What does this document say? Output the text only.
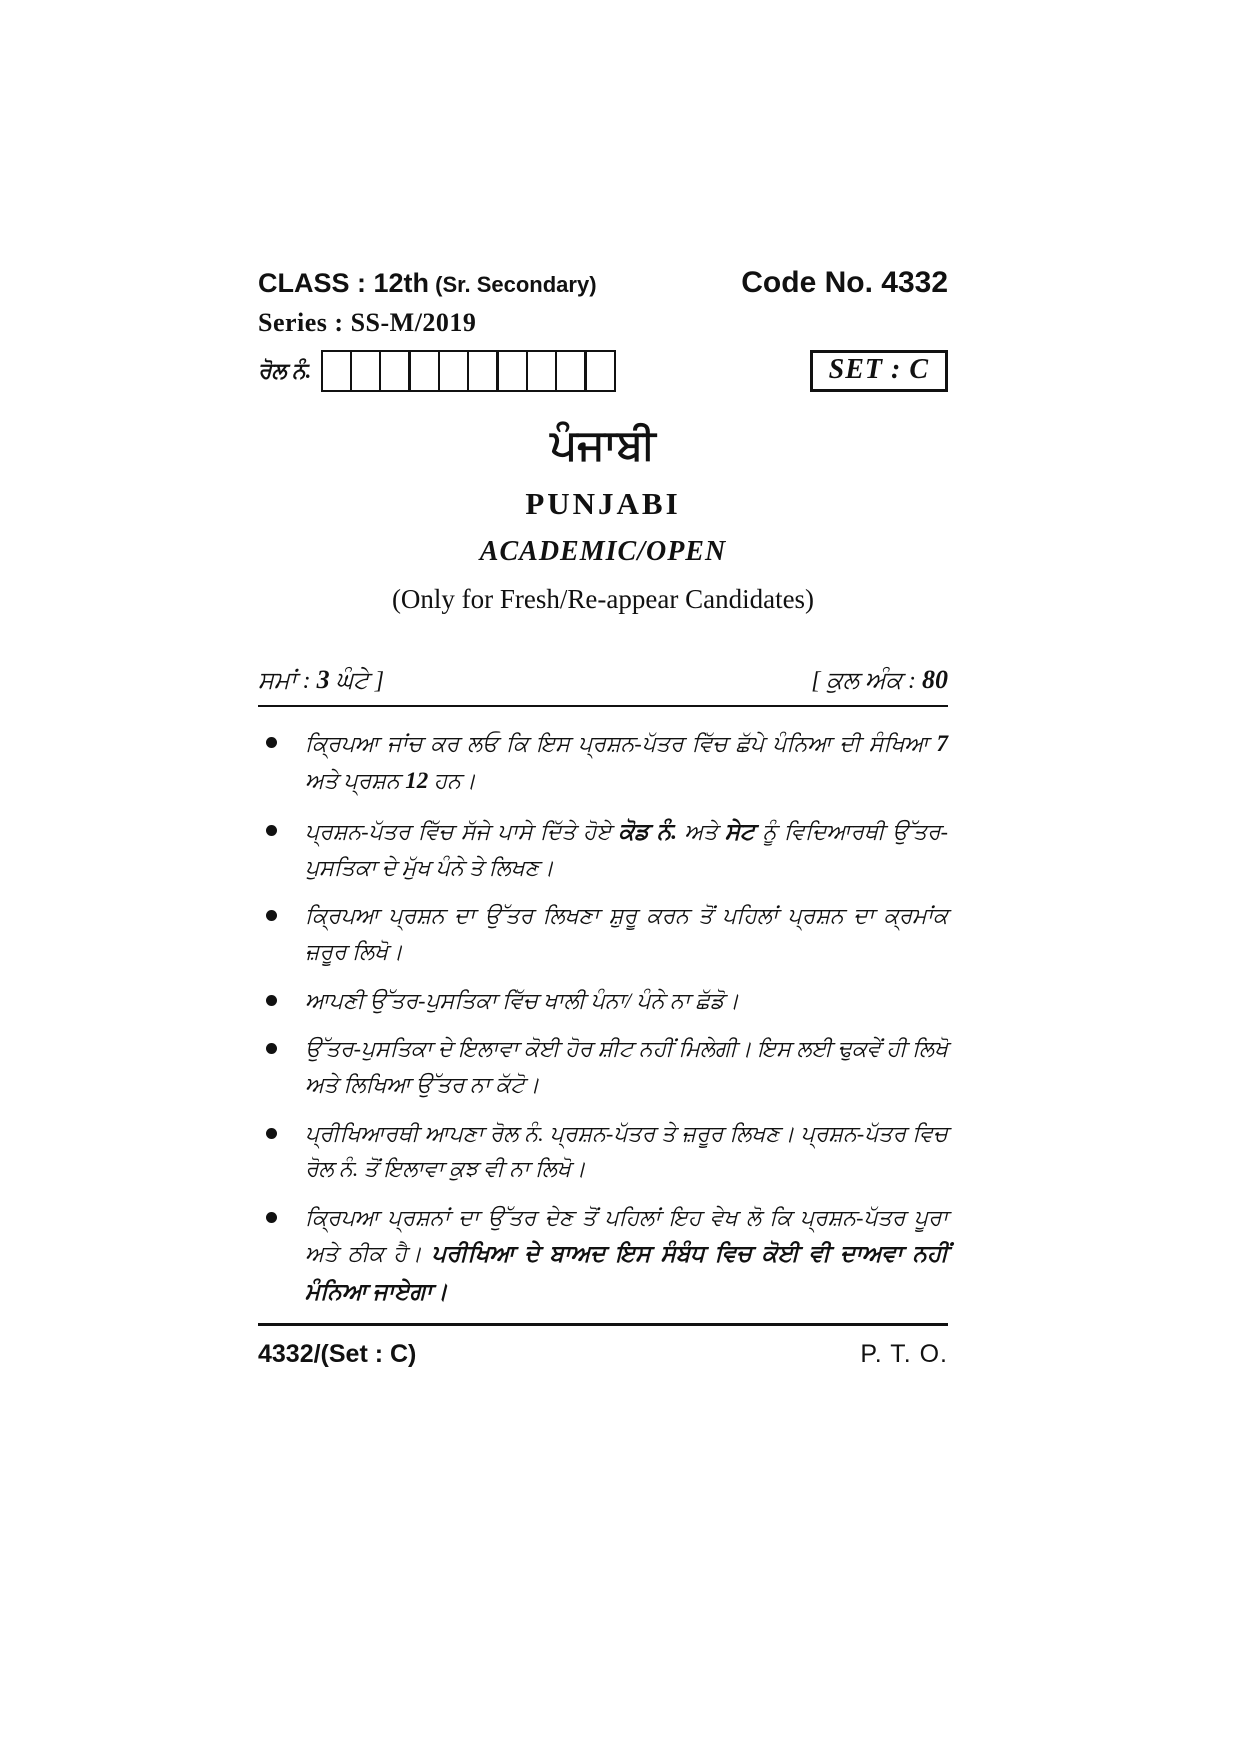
CLASS : 12th (Sr. Secondary)	Code No. 4332
Series : SS-M/2019
ਰੋਲ ਨੰ.	SET : C
ਪੰਜਾਬੀ
PUNJABI
ACADEMIC/OPEN
(Only for Fresh/Re-appear Candidates)
ਸਮਾਂ : 3 ਘੰਟੇ ]	[ ਕੁਲ ਅੰਕ : 80
ਕ੍ਰਿਪਆ ਜਾਂਚ ਕਰ ਲਓ ਕਿ ਇਸ ਪ੍ਰਸ਼ਨ-ਪੱਤਰ ਵਿੱਚ ਛੱਪੇ ਪੰਨਿਆ ਦੀ ਸੰਖਿਆ 7 ਅਤੇ ਪ੍ਰਸ਼ਨ 12 ਹਨ।
ਪ੍ਰਸ਼ਨ-ਪੱਤਰ ਵਿੱਚ ਸੱਜੇ ਪਾਸੇ ਦਿੱਤੇ ਹੋਏ ਕੋਡ ਨੰ. ਅਤੇ ਸੇਟ ਨੂੰ ਵਿਦਿਆਰਥੀ ਉੱਤਰ-ਪੁਸਤਿਕਾ ਦੇ ਮੁੱਖ ਪੰਨੇ ਤੇ ਲਿਖਣ।
ਕ੍ਰਿਪਆ ਪ੍ਰਸ਼ਨ ਦਾ ਉੱਤਰ ਲਿਖਣਾ ਸ਼ੁਰੂ ਕਰਨ ਤੋਂ ਪਹਿਲਾਂ ਪ੍ਰਸ਼ਨ ਦਾ ਕ੍ਰਮਾਂਕ ਜ਼ਰੂਰ ਲਿਖੋ।
ਆਪਣੀ ਉੱਤਰ-ਪੁਸਤਿਕਾ ਵਿੱਚ ਖਾਲੀ ਪੰਨਾ/ ਪੰਨੇ ਨਾ ਛੱਡੋ।
ਉੱਤਰ-ਪੁਸਤਿਕਾ ਦੇ ਇਲਾਵਾ ਕੋਈ ਹੋਰ ਸ਼ੀਟ ਨਹੀਂ ਮਿਲੇਗੀ। ਇਸ ਲਈ ਢੁਕਵੇਂ ਹੀ ਲਿਖੋ ਅਤੇ ਲਿਖਿਆ ਉੱਤਰ ਨਾ ਕੱਟੋ।
ਪ੍ਰੀਖਿਆਰਥੀ ਆਪਣਾ ਰੋਲ ਨੰ. ਪ੍ਰਸ਼ਨ-ਪੱਤਰ ਤੇ ਜ਼ਰੂਰ ਲਿਖਣ। ਪ੍ਰਸ਼ਨ-ਪੱਤਰ ਵਿਚ ਰੋਲ ਨੰ. ਤੋਂ ਇਲਾਵਾ ਕੁਝ ਵੀ ਨਾ ਲਿਖੋ।
ਕ੍ਰਿਪਆ ਪ੍ਰਸ਼ਨਾਂ ਦਾ ਉੱਤਰ ਦੇਣ ਤੋਂ ਪਹਿਲਾਂ ਇਹ ਵੇਖ ਲੋ ਕਿ ਪ੍ਰਸ਼ਨ-ਪੱਤਰ ਪੂਰਾ ਅਤੇ ਠੀਕ ਹੈ। ਪਰੀਖਿਆ ਦੇ ਬਾਅਦ ਇਸ ਸੰਬੰਧ ਵਿਚ ਕੋਈ ਵੀ ਦਾਅਵਾ ਨਹੀਂ ਮੰਨਿਆ ਜਾਏਗਾ।
4332/(Set : C)	P. T. O.
